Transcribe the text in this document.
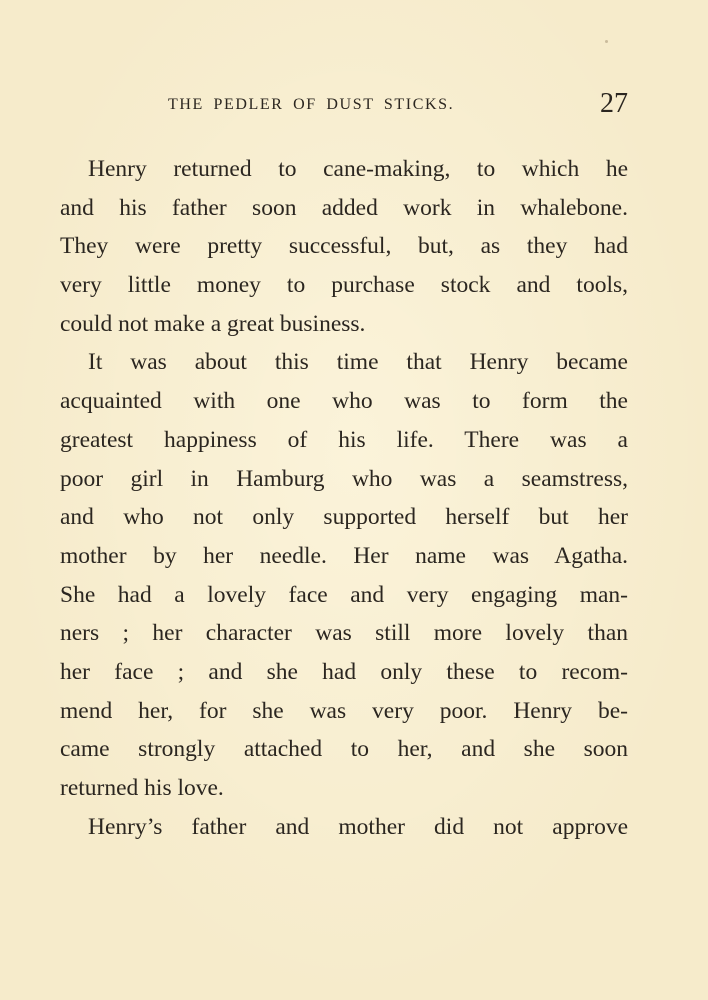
THE PEDLER OF DUST STICKS.	27
Henry returned to cane-making, to which he
and his father soon added work in whalebone.
They were pretty successful, but, as they had
very little money to purchase stock and tools,
could not make a great business.
It was about this time that Henry became
acquainted with one who was to form the
greatest happiness of his life. There was a
poor girl in Hamburg who was a seamstress,
and who not only supported herself but her
mother by her needle. Her name was Agatha.
She had a lovely face and very engaging man-
ners ; her character was still more lovely than
her face ; and she had only these to recom-
mend her, for she was very poor. Henry be-
came strongly attached to her, and she soon
returned his love.
Henry’s father and mother did not approve
